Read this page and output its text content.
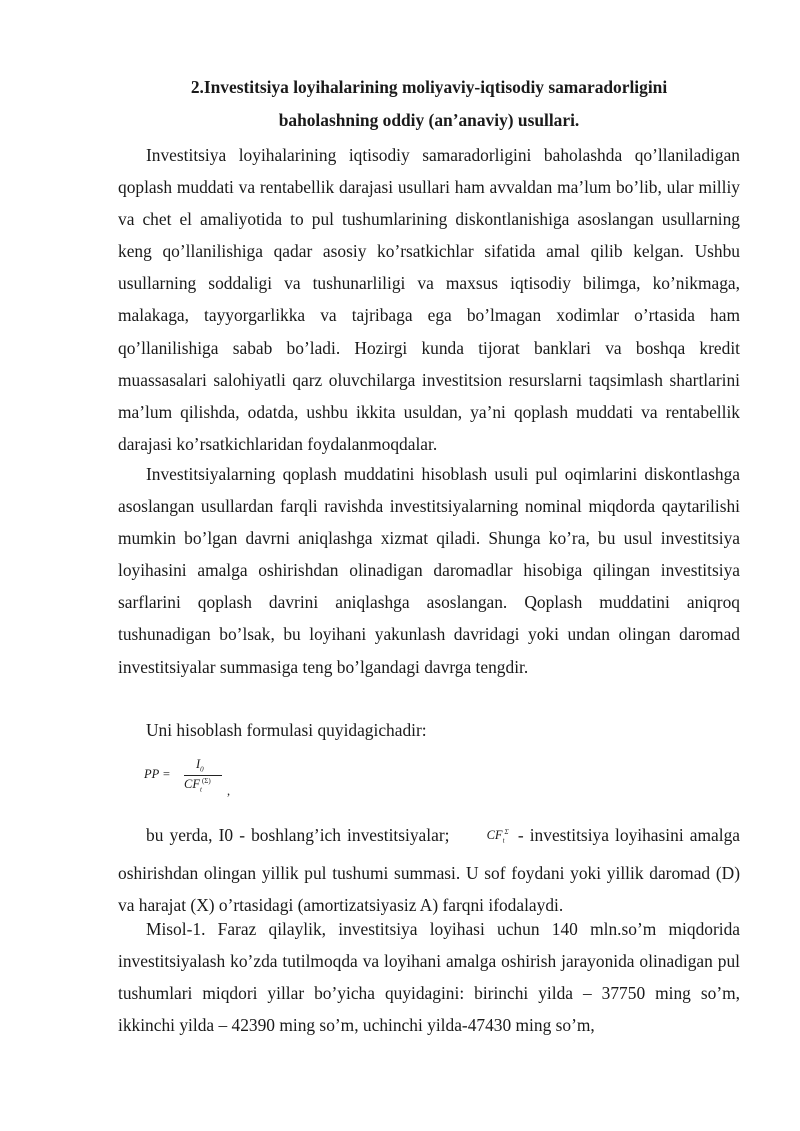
2.Investitsiya loyihalarining moliyaviy-iqtisodiy samaradorligini

baholashning oddiy (an’anaviy) usullari.

Investitsiya loyihalarining iqtisodiy samaradorligini baholashda qo’llaniladigan qoplash muddati va rentabellik darajasi usullari ham avvaldan ma’lum bo’lib, ular milliy va chet el amaliyotida to pul tushumlarining diskontlanishiga asoslangan usullarning keng qo’llanilishiga qadar asosiy ko’rsatkichlar sifatida amal qilib kelgan. Ushbu usullarning soddaligi va tushunarliligi va maxsus iqtisodiy bilimga, ko’nikmaga, malakaga, tayyorgarlikka va tajribaga ega bo’lmagan xodimlar o’rtasida ham qo’llanilishiga sabab bo’ladi. Hozirgi kunda tijorat banklari va boshqa kredit muassasalari salohiyatli qarz oluvchilarga investitsion resurslarni taqsimlash shartlarini ma’lum qilishda, odatda, ushbu ikkita usuldan, ya’ni qoplash muddati va rentabellik darajasi ko’rsatkichlaridan foydalanmoqdalar.

Investitsiyalarning qoplash muddatini hisoblash usuli pul oqimlarini diskontlashga asoslangan usullardan farqli ravishda investitsiyalarning nominal miqdorda qaytarilishi mumkin bo’lgan davrni aniqlashga xizmat qiladi. Shunga ko’ra, bu usul investitsiya loyihasini amalga oshirishdan olinadigan daromadlar hisobiga qilingan investitsiya sarflarini qoplash davrini aniqlashga asoslangan. Qoplash muddatini aniqroq tushunadigan bo’lsak, bu loyihani yakunlash davridagi yoki undan olingan daromad investitsiyalar summasiga teng bo’lgandagi davrga tengdir.

Uni hisoblash formulasi quyidagichadir:

PP =
$I_0$
$CF_t^{(\Sigma)}$
,

bu yerda, I0 - boshlang’ich investitsiyalar;	$CF_t^\Sigma$ - investitsiya loyihasini amalga oshirishdan olingan yillik pul tushumi summasi. U sof foydani yoki yillik daromad (D) va harajat (X) o’rtasidagi (amortizatsiyasiz A) farqni ifodalaydi.

Misol-1. Faraz qilaylik, investitsiya loyihasi uchun 140 mln.so’m miqdorida investitsiyalash ko’zda tutilmoqda va loyihani amalga oshirish jarayonida olinadigan pul tushumlari miqdori yillar bo’yicha quyidagini: birinchi yilda – 37750 ming so’m, ikkinchi yilda – 42390 ming so’m, uchinchi yilda-47430 ming so’m,
